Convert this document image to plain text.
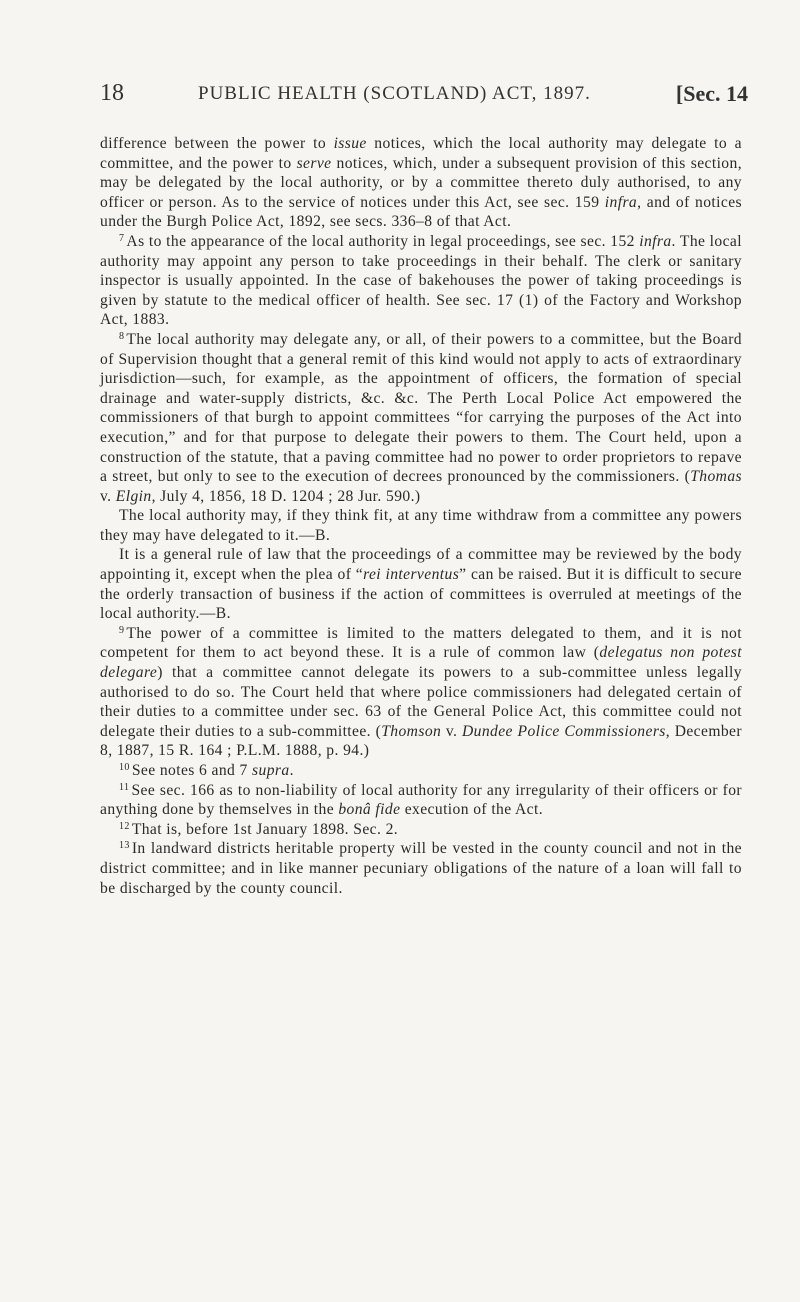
18	PUBLIC HEALTH (SCOTLAND) ACT, 1897.	[Sec. 14

difference between the power to issue notices, which the local authority may delegate to a committee, and the power to serve notices, which, under a subsequent provision of this section, may be delegated by the local authority, or by a committee thereto duly authorised, to any officer or person. As to the service of notices under this Act, see sec. 159 infra, and of notices under the Burgh Police Act, 1892, see secs. 336–8 of that Act.

$^7$ As to the appearance of the local authority in legal proceedings, see sec. 152 infra. The local authority may appoint any person to take proceedings in their behalf. The clerk or sanitary inspector is usually appointed. In the case of bakehouses the power of taking proceedings is given by statute to the medical officer of health. See sec. 17 (1) of the Factory and Workshop Act, 1883.

$^8$ The local authority may delegate any, or all, of their powers to a committee, but the Board of Supervision thought that a general remit of this kind would not apply to acts of extraordinary jurisdiction—such, for example, as the appointment of officers, the formation of special drainage and water-supply districts, &c. &c. The Perth Local Police Act empowered the commissioners of that burgh to appoint committees “for carrying the purposes of the Act into execution,” and for that purpose to delegate their powers to them. The Court held, upon a construction of the statute, that a paving committee had no power to order proprietors to repave a street, but only to see to the execution of decrees pronounced by the commissioners. (Thomas v. Elgin, July 4, 1856, 18 D. 1204 ; 28 Jur. 590.)

The local authority may, if they think fit, at any time withdraw from a committee any powers they may have delegated to it.—B.

It is a general rule of law that the proceedings of a committee may be reviewed by the body appointing it, except when the plea of “rei interventus” can be raised. But it is difficult to secure the orderly transaction of business if the action of committees is overruled at meetings of the local authority.—B.

$^9$ The power of a committee is limited to the matters delegated to them, and it is not competent for them to act beyond these. It is a rule of common law (delegatus non potest delegare) that a committee cannot delegate its powers to a sub-committee unless legally authorised to do so. The Court held that where police commissioners had delegated certain of their duties to a committee under sec. 63 of the General Police Act, this committee could not delegate their duties to a sub-committee. (Thomson v. Dundee Police Commissioners, December 8, 1887, 15 R. 164 ; P.L.M. 1888, p. 94.)

$^{10}$ See notes 6 and 7 supra.

$^{11}$ See sec. 166 as to non-liability of local authority for any irregularity of their officers or for anything done by themselves in the bonâ fide execution of the Act.

$^{12}$ That is, before 1st January 1898. Sec. 2.

$^{13}$ In landward districts heritable property will be vested in the county council and not in the district committee; and in like manner pecuniary obligations of the nature of a loan will fall to be discharged by the county council.
